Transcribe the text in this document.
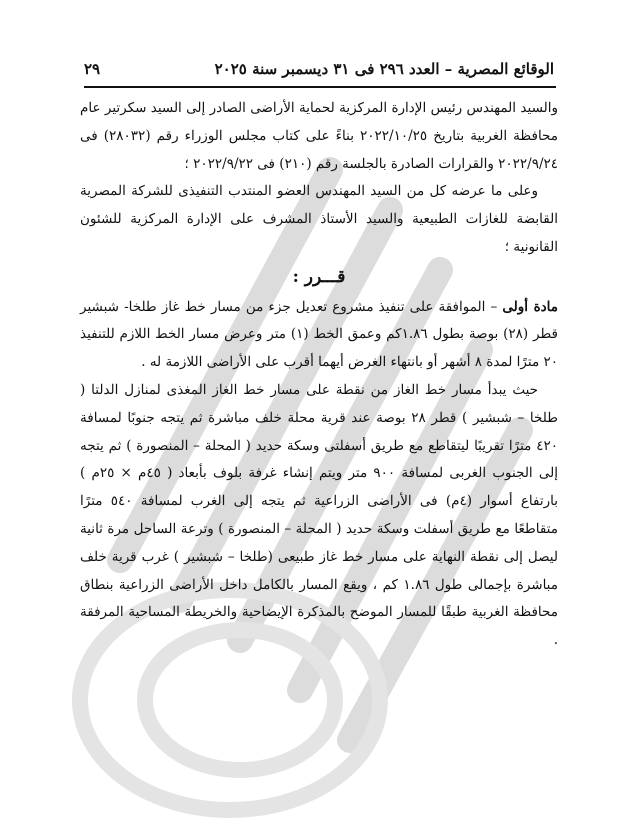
الوقائع المصرية – العدد ٢٩٦ فى ٣١ ديسمبر سنة ٢٠٢٥
٢٩

والسيد المهندس رئيس الإدارة المركزية لحماية الأراضى الصادر إلى السيد سكرتير عام محافظة الغربية بتاريخ ٢٠٢٢/١٠/٢٥ بناءً على كتاب مجلس الوزراء رقم (٢٨٠٣٢) فى ٢٠٢٢/٩/٢٤ والقرارات الصادرة بالجلسة رقم (٢١٠) فى ٢٠٢٢/٩/٢٢ ؛

وعلى ما عرضه كل من السيد المهندس العضو المنتدب التنفيذى للشركة المصرية القابضة للغازات الطبيعية والسيد الأستاذ المشرف على الإدارة المركزية للشئون القانونية ؛

قـــرر :

مادة أولى – الموافقة على تنفيذ مشروع تعديل جزء من مسار خط غاز طلخا- شبشير قطر (٢٨) بوصة بطول ١.٨٦كم وعمق الخط (١) متر وعرض مسار الخط اللازم للتنفيذ ٢٠ مترًا لمدة ٨ أشهر أو بانتهاء الغرض أيهما أقرب على الأراضى اللازمة له .

حيث يبدأ مسار خط الغاز من نقطة على مسار خط الغاز المغذى لمنازل الدلتا ( طلخا – شبشير ) قطر ٢٨ بوصة عند قرية محلة خلف مباشرة ثم يتجه جنوبًا لمسافة ٤٢٠ مترًا تقريبًا ليتقاطع مع طريق أسفلتى وسكة حديد ( المحلة – المنصورة ) ثم يتجه إلى الجنوب الغربى لمسافة ٩٠٠ متر ويتم إنشاء غرفة بلوف بأبعاد ( ٤٥م × ٢٥م ) بارتفاع أسوار (٤م) فى الأراضى الزراعية ثم يتجه إلى الغرب لمسافة ٥٤٠ مترًا متقاطعًا مع طريق أسفلت وسكة حديد ( المحلة – المنصورة ) وترعة الساحل مرة ثانية ليصل إلى نقطة النهاية على مسار خط غاز طبيعى (طلخا – شبشير ) غرب قرية خلف مباشرة بإجمالى طول ١.٨٦ كم ، ويقع المسار بالكامل داخل الأراضى الزراعية بنطاق محافظة الغربية طبقًا للمسار الموضح بالمذكرة الإيضاحية والخريطة المساحية المرفقة .
